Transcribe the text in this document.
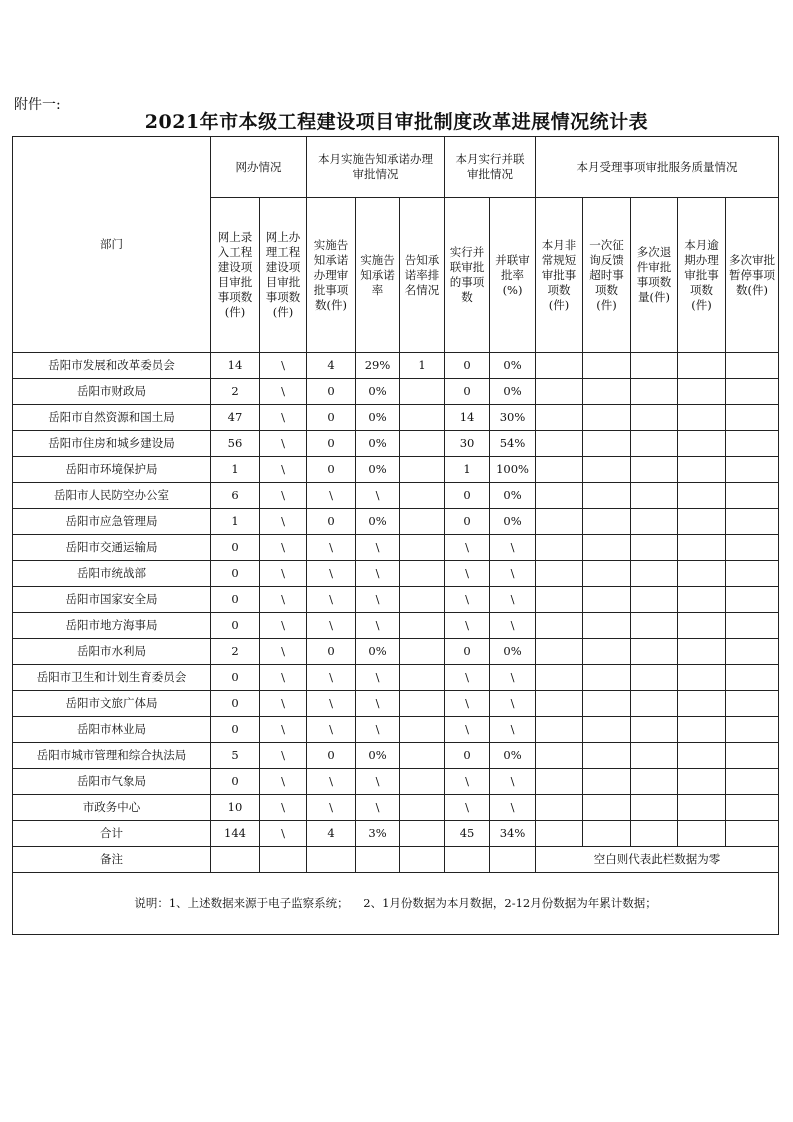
附件一:
2021年市本级工程建设项目审批制度改革进展情况统计表
部门	网办情况		本月实施告知承诺办理审批情况			本月实行并联审批情况		本月受理事项审批服务质量情况				
	网上录入工程建设项目审批事项数(件)	网上办理工程建设项目审批事项数(件)	实施告知承诺办理审批事项数(件)	实施告知承诺率	告知承诺率排名情况	实行并联审批的事项数	并联审批率(%)	本月非常规短审批事项数(件)	一次征询反馈超时事项数(件)	多次退件审批事项数量(件)	本月逾期办理审批事项数(件)	多次审批暂停事项数(件)
岳阳市发展和改革委员会	14	\	4	29%	1	0	0%					
岳阳市财政局	2	\	0	0%		0	0%					
岳阳市自然资源和国土局	47	\	0	0%		14	30%					
岳阳市住房和城乡建设局	56	\	0	0%		30	54%					
岳阳市环境保护局	1	\	0	0%		1	100%					
岳阳市人民防空办公室	6	\	\	\		0	0%					
岳阳市应急管理局	1	\	0	0%		0	0%					
岳阳市交通运输局	0	\	\	\		\	\					
岳阳市统战部	0	\	\	\		\	\					
岳阳市国家安全局	0	\	\	\		\	\					
岳阳市地方海事局	0	\	\	\		\	\					
岳阳市水利局	2	\	0	0%		0	0%					
岳阳市卫生和计划生育委员会	0	\	\	\		\	\					
岳阳市文旅广体局	0	\	\	\		\	\					
岳阳市林业局	0	\	\	\		\	\					
岳阳市城市管理和综合执法局	5	\	0	0%		0	0%					
岳阳市气象局	0	\	\	\		\	\					
市政务中心	10	\	\	\		\	\					
合计	144	\	4	3%		45	34%					
备注								空白则代表此栏数据为零				
说明：1、上述数据来源于电子监察系统；    2、1月份数据为本月数据，2-12月份数据为年累计数据；												
